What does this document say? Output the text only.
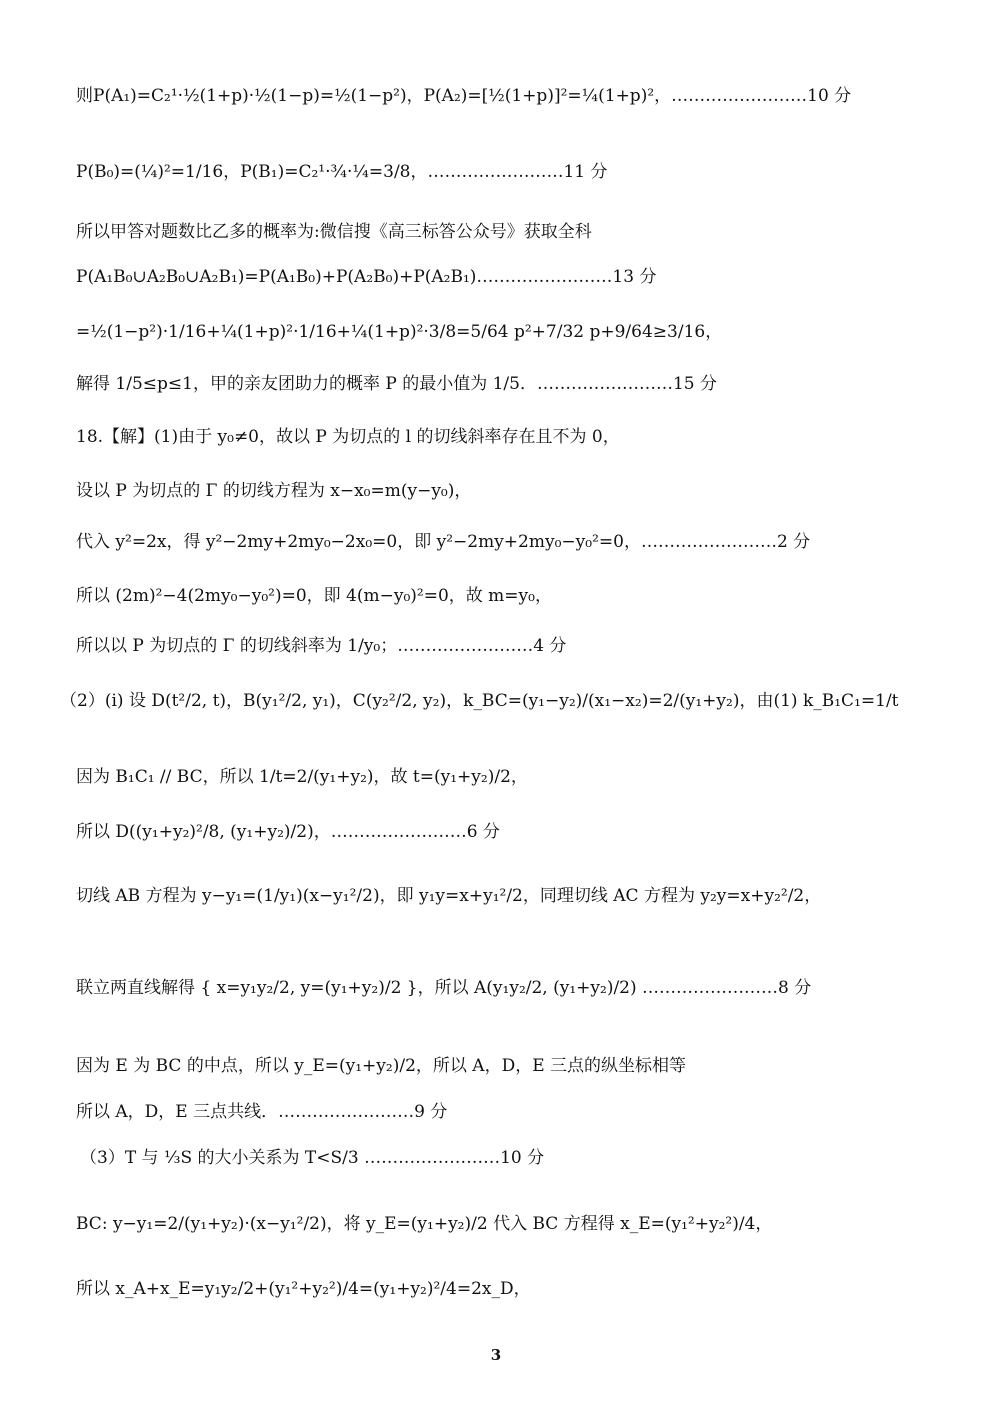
则P(A₁)=C₂¹·½(1+p)·½(1−p)=½(1−p²)，P(A₂)=[½(1+p)]²=¼(1+p)²，……………………10 分
P(B₀)=(¼)²=1/16，P(B₁)=C₂¹·¾·¼=3/8，……………………11 分
所以甲答对题数比乙多的概率为:微信搜《高三标答公众号》获取全科
P(A₁B₀∪A₂B₀∪A₂B₁)=P(A₁B₀)+P(A₂B₀)+P(A₂B₁)……………………13 分
=½(1−p²)·1/16+¼(1+p)²·1/16+¼(1+p)²·3/8=5/64 p²+7/32 p+9/64≥3/16，
解得 1/5≤p≤1，甲的亲友团助力的概率 P 的最小值为 1/5．……………………15 分
18.【解】(1)由于 y₀≠0，故以 P 为切点的 l 的切线斜率存在且不为 0，
设以 P 为切点的 Γ 的切线方程为 x−x₀=m(y−y₀)，
代入 y²=2x，得 y²−2my+2my₀−2x₀=0，即 y²−2my+2my₀−y₀²=0，……………………2 分
所以 (2m)²−4(2my₀−y₀²)=0，即 4(m−y₀)²=0，故 m=y₀，
所以以 P 为切点的 Γ 的切线斜率为 1/y₀；……………………4 分
（2）(i) 设 D(t²/2, t)，B(y₁²/2, y₁)，C(y₂²/2, y₂)，k_BC=(y₁−y₂)/(x₁−x₂)=2/(y₁+y₂)，由(1) k_B₁C₁=1/t
因为 B₁C₁ // BC，所以 1/t=2/(y₁+y₂)，故 t=(y₁+y₂)/2，
所以 D((y₁+y₂)²/8, (y₁+y₂)/2)，……………………6 分
切线 AB 方程为 y−y₁=(1/y₁)(x−y₁²/2)，即 y₁y=x+y₁²/2，同理切线 AC 方程为 y₂y=x+y₂²/2，
联立两直线解得 { x=y₁y₂/2, y=(y₁+y₂)/2 }，所以 A(y₁y₂/2, (y₁+y₂)/2) ……………………8 分
因为 E 为 BC 的中点，所以 y_E=(y₁+y₂)/2，所以 A，D，E 三点的纵坐标相等
所以 A，D，E 三点共线．……………………9 分
（3）T 与 ⅓S 的大小关系为 T<S/3 ……………………10 分
BC: y−y₁=2/(y₁+y₂)·(x−y₁²/2)，将 y_E=(y₁+y₂)/2 代入 BC 方程得 x_E=(y₁²+y₂²)/4，
所以 x_A+x_E=y₁y₂/2+(y₁²+y₂²)/4=(y₁+y₂)²/4=2x_D，
3
